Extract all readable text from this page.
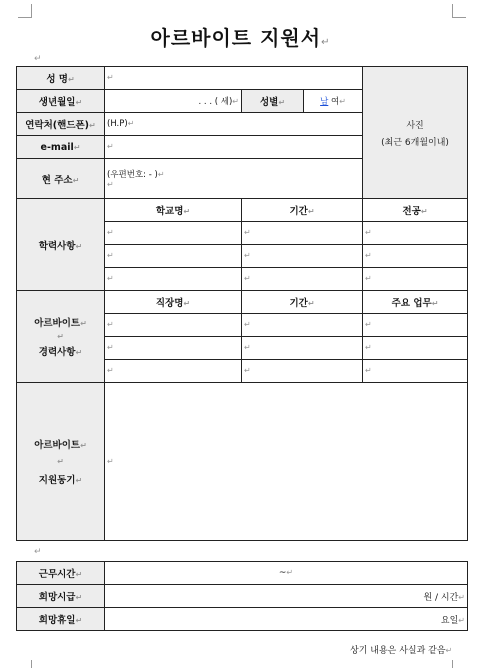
아르바이트 지원서↵
↵
성 명↵	↵			사진
(최근 6개월이내)

생년월일↵	. . . ( 세)↵	성별↵	남 여↵	
연락처(핸드폰)↵	(H.P)↵			
e-mail↵	↵			
현 주소↵	(우편번호: - )↵
↵			
학력사항↵	학교명↵	기간↵		전공↵
	↵	↵		↵
	↵	↵		↵
	↵	↵		↵

아르바이트↵
↵
경력사항↵	직장명↵	기간↵		주요 업무↵
	↵	↵		↵
	↵	↵		↵
	↵	↵		↵

아르바이트↵
↵
지원동기↵	↵			
↵
근무시간↵	~↵
희망시급↵	원 / 시간↵
희망휴일↵	요일↵
상기 내용은 사실과 같음↵
